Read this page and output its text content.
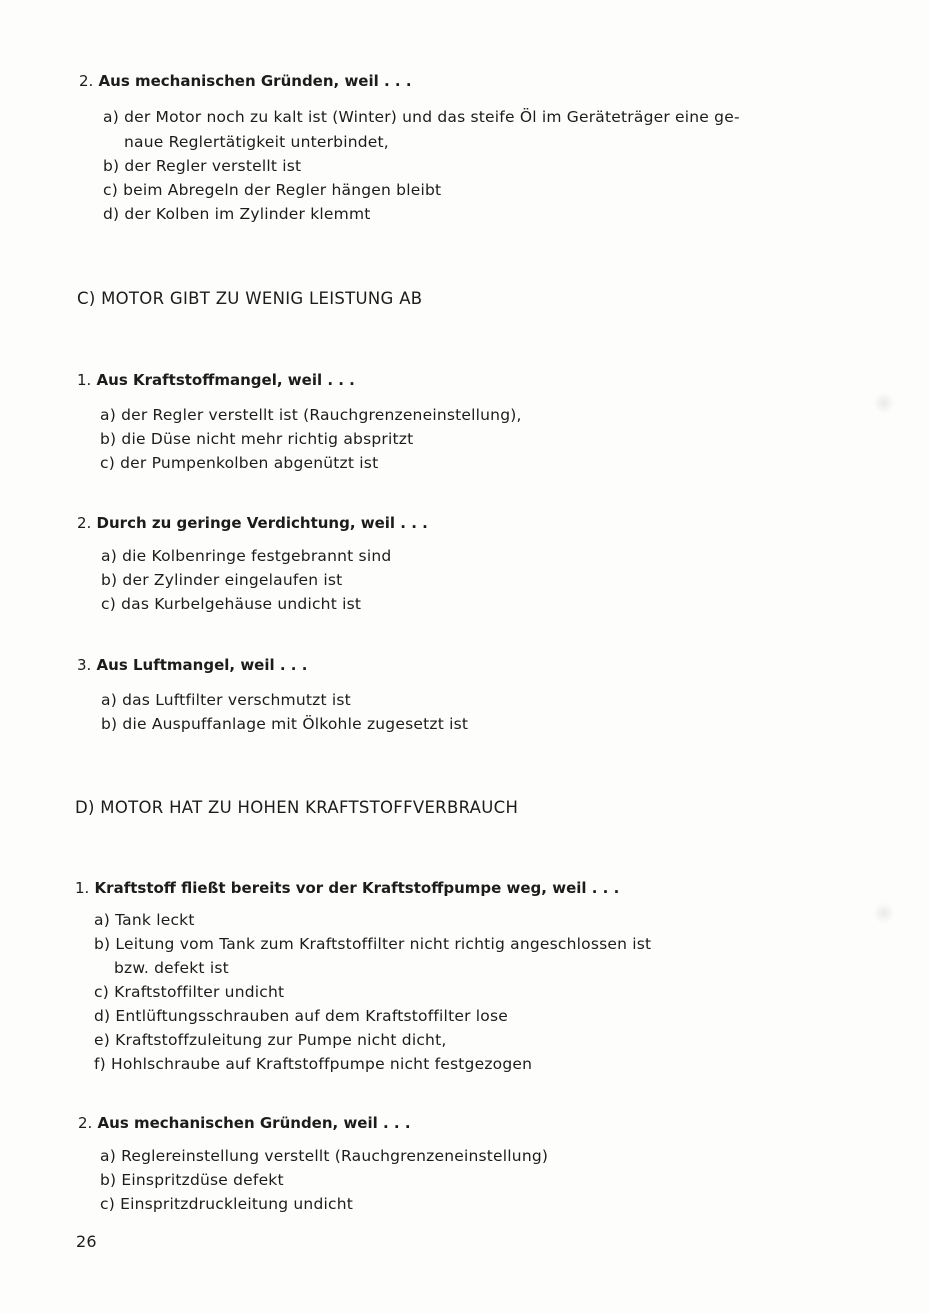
2. Aus mechanischen Gründen, weil . . .
a) der Motor noch zu kalt ist (Winter) und das steife Öl im Geräteträger eine ge-
naue Reglertätigkeit unterbindet,
b) der Regler verstellt ist
c) beim Abregeln der Regler hängen bleibt
d) der Kolben im Zylinder klemmt
C) MOTOR GIBT ZU WENIG LEISTUNG AB
1. Aus Kraftstoffmangel, weil . . .
a) der Regler verstellt ist (Rauchgrenzeneinstellung),
b) die Düse nicht mehr richtig abspritzt
c) der Pumpenkolben abgenützt ist
2. Durch zu geringe Verdichtung, weil . . .
a) die Kolbenringe festgebrannt sind
b) der Zylinder eingelaufen ist
c) das Kurbelgehäuse undicht ist
3. Aus Luftmangel, weil . . .
a) das Luftfilter verschmutzt ist
b) die Auspuffanlage mit Ölkohle zugesetzt ist
D) MOTOR HAT ZU HOHEN KRAFTSTOFFVERBRAUCH
1. Kraftstoff fließt bereits vor der Kraftstoffpumpe weg, weil . . .
a) Tank leckt
b) Leitung vom Tank zum Kraftstoffilter nicht richtig angeschlossen ist
bzw. defekt ist
c) Kraftstoffilter undicht
d) Entlüftungsschrauben auf dem Kraftstoffilter lose
e) Kraftstoffzuleitung zur Pumpe nicht dicht,
f) Hohlschraube auf Kraftstoffpumpe nicht festgezogen
2. Aus mechanischen Gründen, weil . . .
a) Reglereinstellung verstellt (Rauchgrenzeneinstellung)
b) Einspritzdüse defekt
c) Einspritzdruckleitung undicht
26
